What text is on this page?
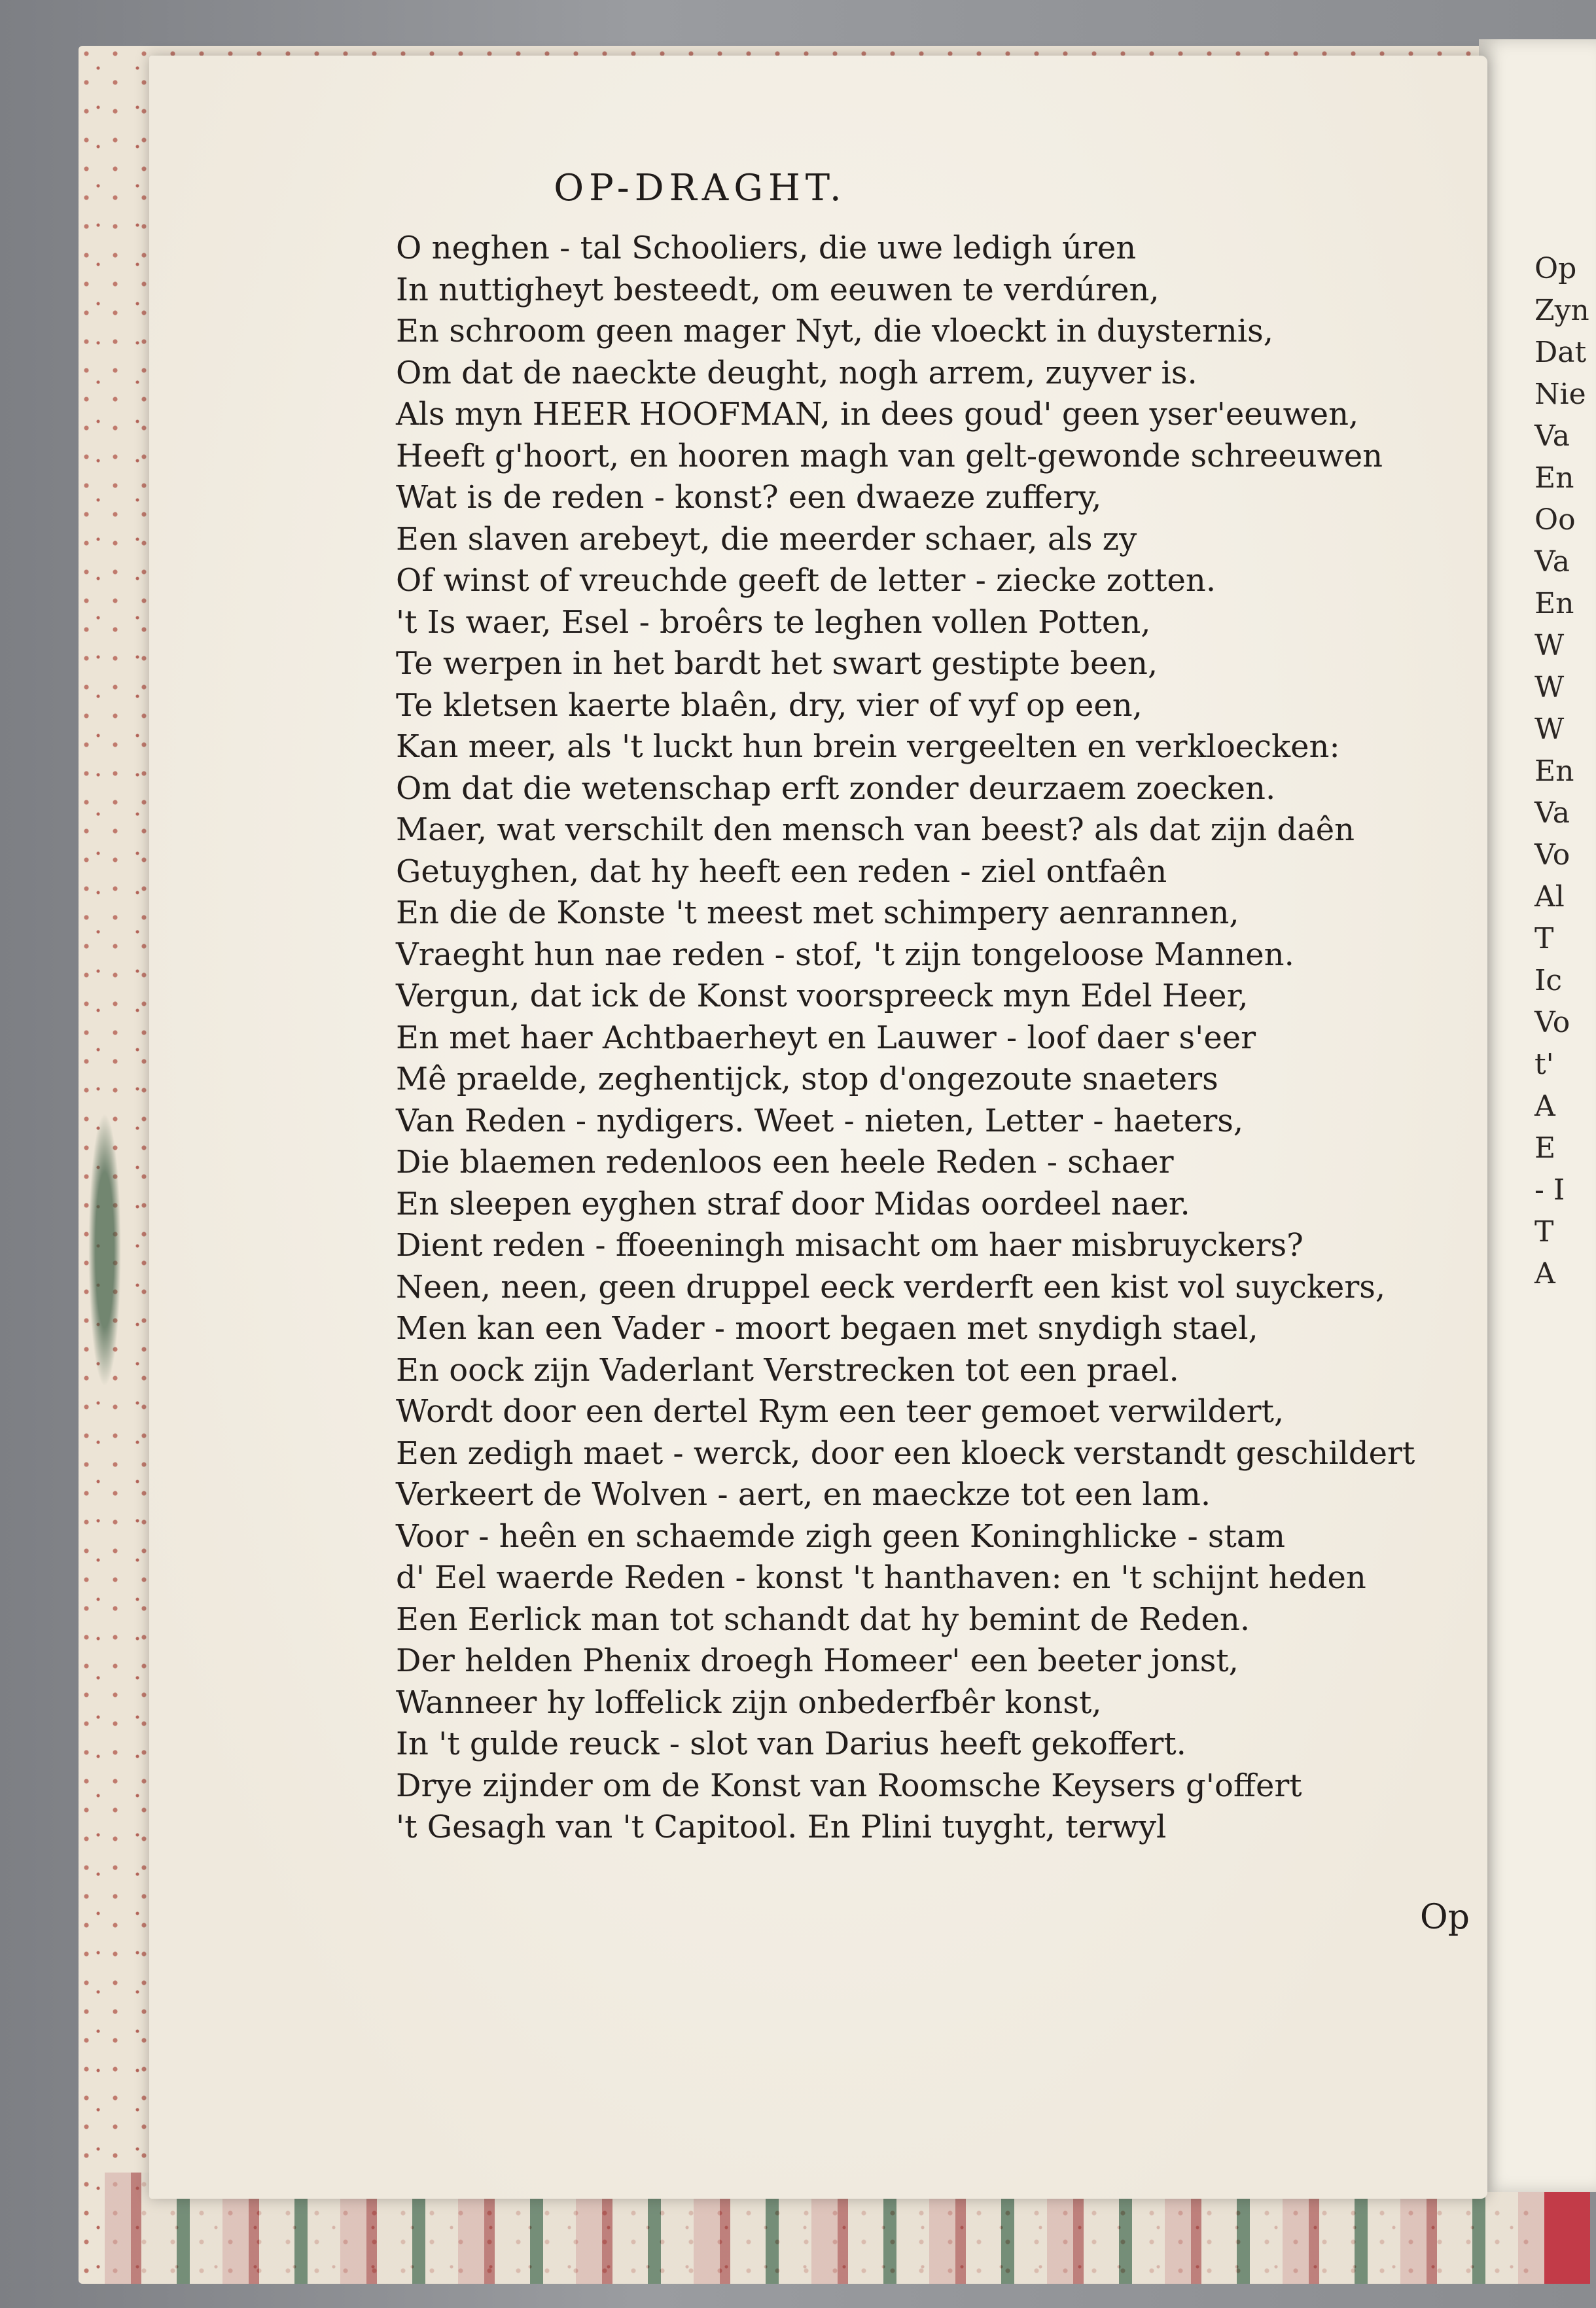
Op
Zyn
Dat
Nie
Va
En
Oo
Va
En
W
W
W
En
Va
Vo
Al
T
Ic
Vo
t'
A
E
- I
T
A
OP-DRAGHT.
O neghen - tal Schooliers, die uwe ledigh úren
In nuttigheyt besteedt, om eeuwen te verdúren,
En schroom geen mager Nyt, die vloeckt in duysternis,
Om dat de naeckte deught, nogh arrem, zuyver is.
Als myn HEER HOOFMAN, in dees goud' geen yser'eeuwen,
Heeft g'hoort, en hooren magh van gelt-gewonde schreeuwen
Wat is de reden - konst? een dwaeze zuffery,
Een slaven arebeyt, die meerder schaer, als zy
Of winst of vreuchde geeft de letter - ziecke zotten.
't Is waer, Esel - broêrs te leghen vollen Potten,
Te werpen in het bardt het swart gestipte been,
Te kletsen kaerte blaên, dry, vier of vyf op een,
Kan meer, als 't luckt hun brein vergeelten en verkloecken:
Om dat die wetenschap erft zonder deurzaem zoecken.
Maer, wat verschilt den mensch van beest? als dat zijn daên
Getuyghen, dat hy heeft een reden - ziel ontfaên
En die de Konste 't meest met schimpery aenrannen,
Vraeght hun nae reden - stof, 't zijn tongeloose Mannen.
Vergun, dat ick de Konst voorspreeck myn Edel Heer,
En met haer Achtbaerheyt en Lauwer - loof daer s'eer
Mê praelde, zeghentijck, stop d'ongezoute snaeters
Van Reden - nydigers. Weet - nieten, Letter - haeters,
Die blaemen redenloos een heele Reden - schaer
En sleepen eyghen straf door Midas oordeel naer.
Dient reden - ffoeeningh misacht om haer misbruyckers?
Neen, neen, geen druppel eeck verderft een kist vol suyckers,
Men kan een Vader - moort begaen met snydigh stael,
En oock zijn Vaderlant Verstrecken tot een prael.
Wordt door een dertel Rym een teer gemoet verwildert,
Een zedigh maet - werck, door een kloeck verstandt geschildert
Verkeert de Wolven - aert, en maeckze tot een lam.
Voor - heên en schaemde zigh geen Koninghlicke - stam
d' Eel waerde Reden - konst 't hanthaven: en 't schijnt heden
Een Eerlick man tot schandt dat hy bemint de Reden.
Der helden Phenix droegh Homeer' een beeter jonst,
Wanneer hy loffelick zijn onbederfbêr konst,
In 't gulde reuck - slot van Darius heeft gekoffert.
Drye zijnder om de Konst van Roomsche Keysers g'offert
't Gesagh van 't Capitool. En Plini tuyght, terwyl
Op
